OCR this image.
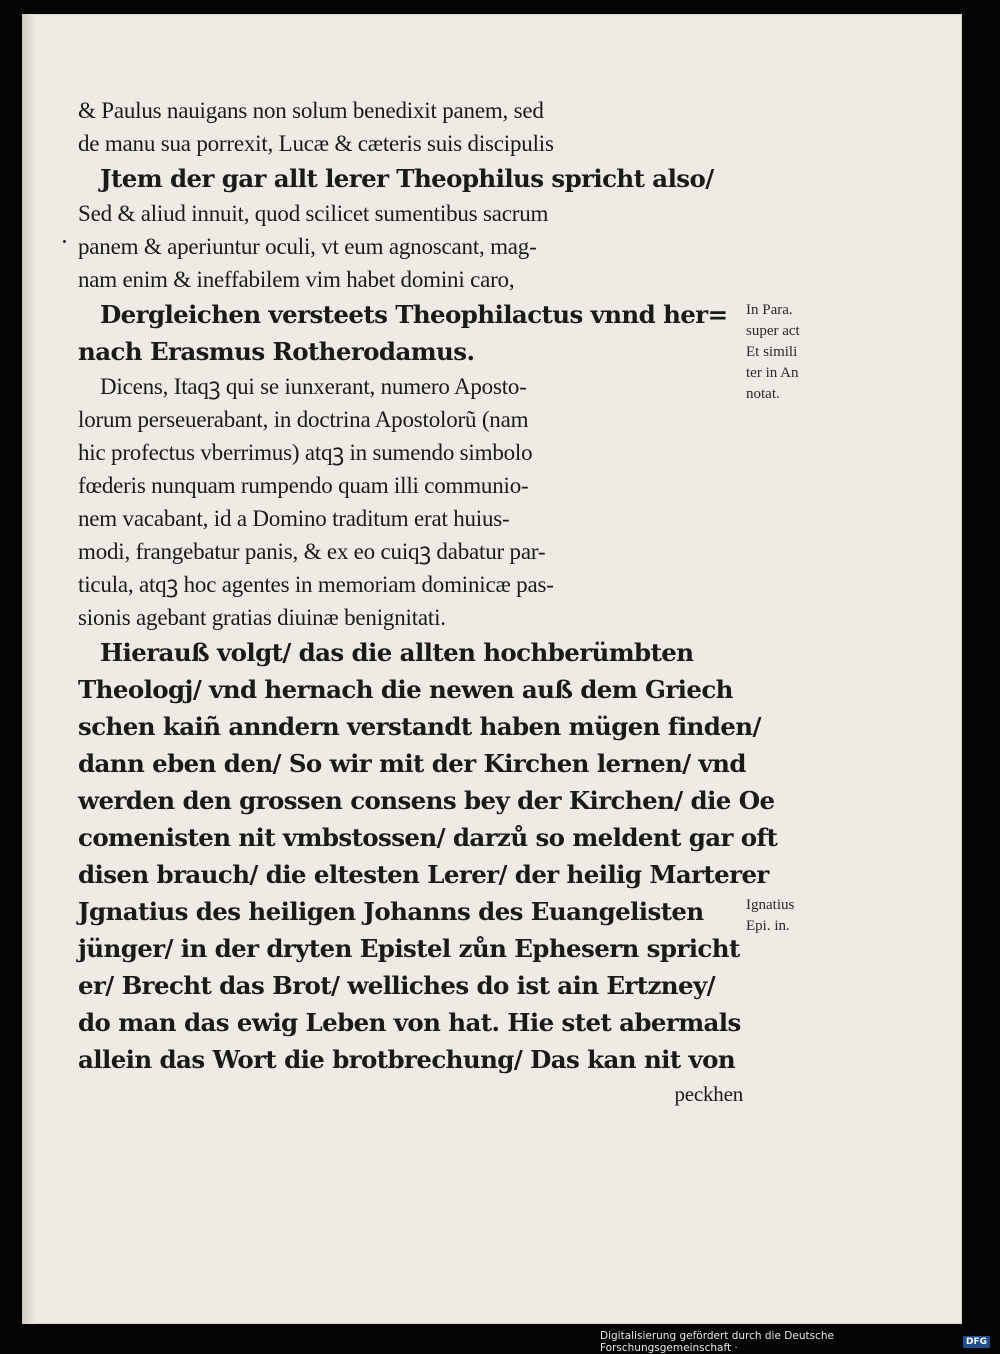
& Paulus nauigans non solum benedixit panem, sed
de manu sua porrexit, Lucæ & cæteris suis discipulis
Jtem der gar allt lerer Theophilus spricht also/
Sed & aliud innuit, quod scilicet sumentibus sacrum
panem & aperiuntur oculi, vt eum agnoscant, mag-
nam enim & ineffabilem vim habet domini caro,
Dergleichen versteets Theophilactus vnnd her=
nach Erasmus Rotherodamus.
Dicens, Itaqꝫ qui se iunxerant, numero Aposto-
lorum perseuerabant, in doctrina Apostolorũ (nam
hic profectus vberrimus) atqꝫ in sumendo simbolo
fœderis nunquam rumpendo quam illi communio-
nem vacabant, id a Domino traditum erat huius-
modi, frangebatur panis, & ex eo cuiqꝫ dabatur par-
ticula, atqꝫ hoc agentes in memoriam dominicæ pas-
sionis agebant gratias diuinæ benignitati.
Hierauß volgt/ das die allten hochberümbten
Theologj/ vnd hernach die newen auß dem Griech
schen kaiñ anndern verstandt haben mügen finden/
dann eben den/ So wir mit der Kirchen lernen/ vnd
werden den grossen consens bey der Kirchen/ die Oe
comenisten nit vmbstossen/ darzů so meldent gar oft
disen brauch/ die eltesten Lerer/ der heilig Marterer
Jgnatius des heiligen Johanns des Euangelisten
jünger/ in der dryten Epistel zůn Ephesern spricht
er/ Brecht das Brot/ welliches do ist ain Ertzney/
do man das ewig Leben von hat. Hie stet abermals
allein das Wort die brotbrechung/ Das kan nit von
peckhen
In Para.
super act
Et simili
ter in An
notat.
Ignatius
Epi. in.
Digitalisierung gefördert durch die Deutsche Forschungsgemeinschaft ·	DFG
